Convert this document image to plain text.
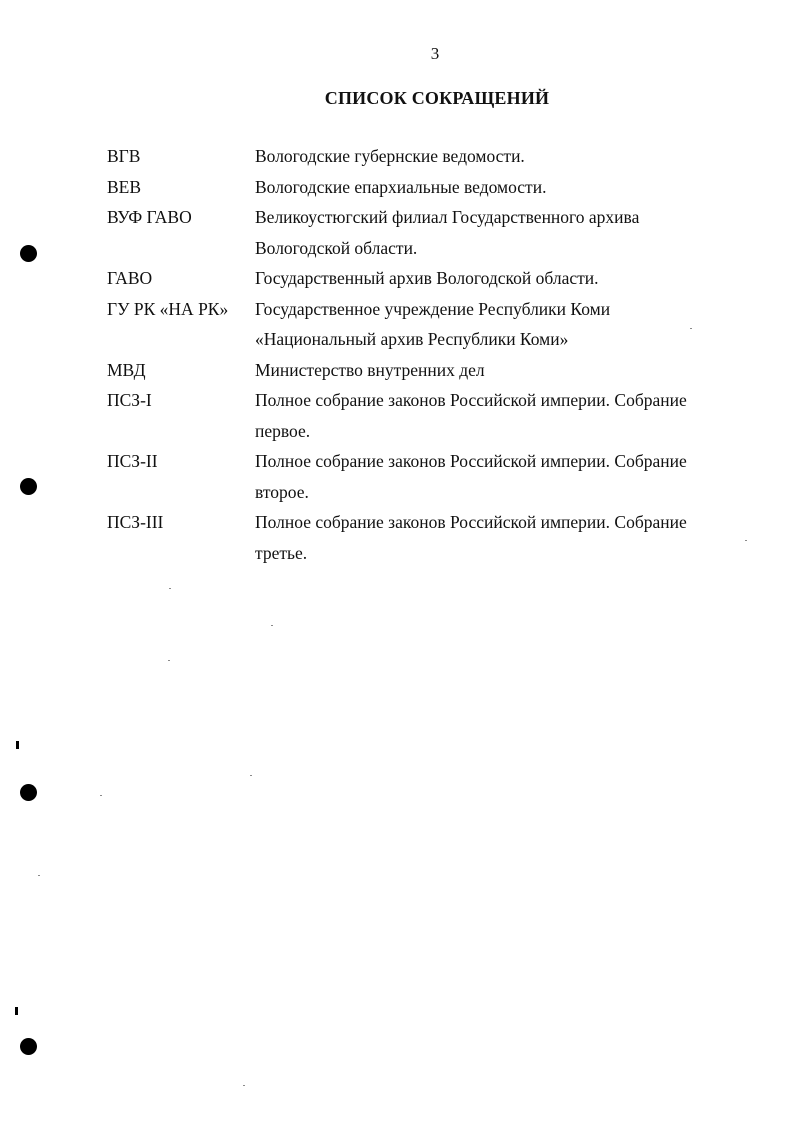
3
СПИСОК СОКРАЩЕНИЙ
ВГВ	Вологодские губернские ведомости.
ВЕВ	Вологодские епархиальные ведомости.
ВУФ ГАВО	Великоустюгский филиал Государственного архива Вологодской области.
ГАВО	Государственный архив Вологодской области.
ГУ РК «НА РК»	Государственное учреждение Республики Коми «Национальный архив Республики Коми»
МВД	Министерство внутренних дел
ПСЗ-I	Полное собрание законов Российской империи. Собрание первое.
ПСЗ-II	Полное собрание законов Российской империи. Собрание второе.
ПСЗ-III	Полное собрание законов Российской империи. Собрание третье.
